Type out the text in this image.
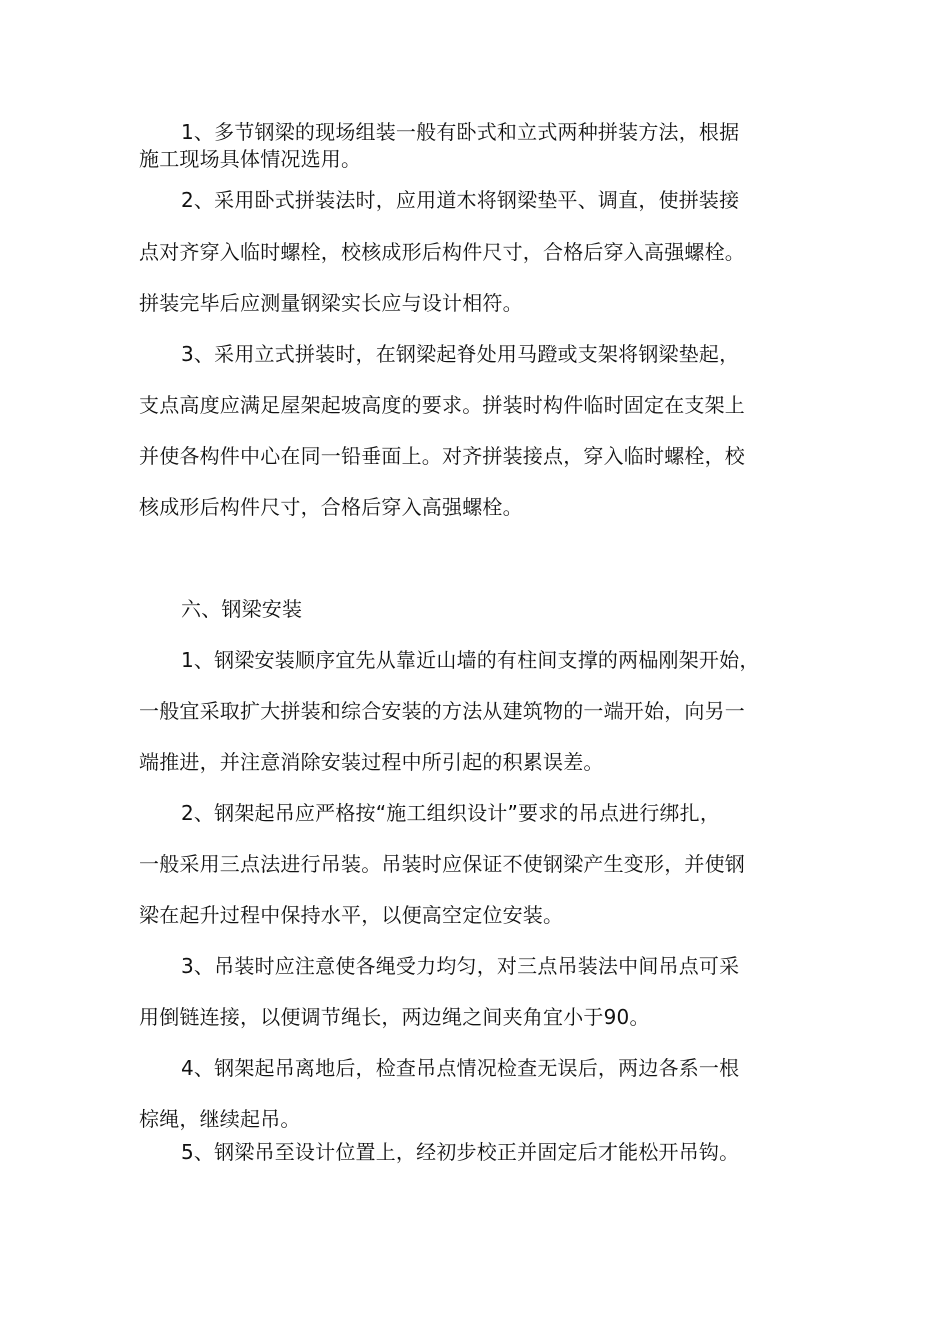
1、多节钢梁的现场组装一般有卧式和立式两种拼装方法，根据
施工现场具体情况选用。
2、采用卧式拼装法时，应用道木将钢梁垫平、调直，使拼装接
点对齐穿入临时螺栓，校核成形后构件尺寸，合格后穿入高强螺栓。
拼装完毕后应测量钢梁实长应与设计相符。
3、采用立式拼装时，在钢梁起脊处用马蹬或支架将钢梁垫起，
支点高度应满足屋架起坡高度的要求。拼装时构件临时固定在支架上
并使各构件中心在同一铅垂面上。对齐拼装接点，穿入临时螺栓，校
核成形后构件尺寸，合格后穿入高强螺栓。
六、钢梁安装
1、钢梁安装顺序宜先从靠近山墙的有柱间支撑的两榀刚架开始，
一般宜采取扩大拼装和综合安装的方法从建筑物的一端开始，向另一
端推进，并注意消除安装过程中所引起的积累误差。
2、钢架起吊应严格按“施工组织设计”要求的吊点进行绑扎，
一般采用三点法进行吊装。吊装时应保证不使钢梁产生变形，并使钢
梁在起升过程中保持水平，以便高空定位安装。
3、吊装时应注意使各绳受力均匀，对三点吊装法中间吊点可采
用倒链连接，以便调节绳长，两边绳之间夹角宜小于90。
4、钢架起吊离地后，检查吊点情况检查无误后，两边各系一根
棕绳，继续起吊。
5、钢梁吊至设计位置上，经初步校正并固定后才能松开吊钩。
